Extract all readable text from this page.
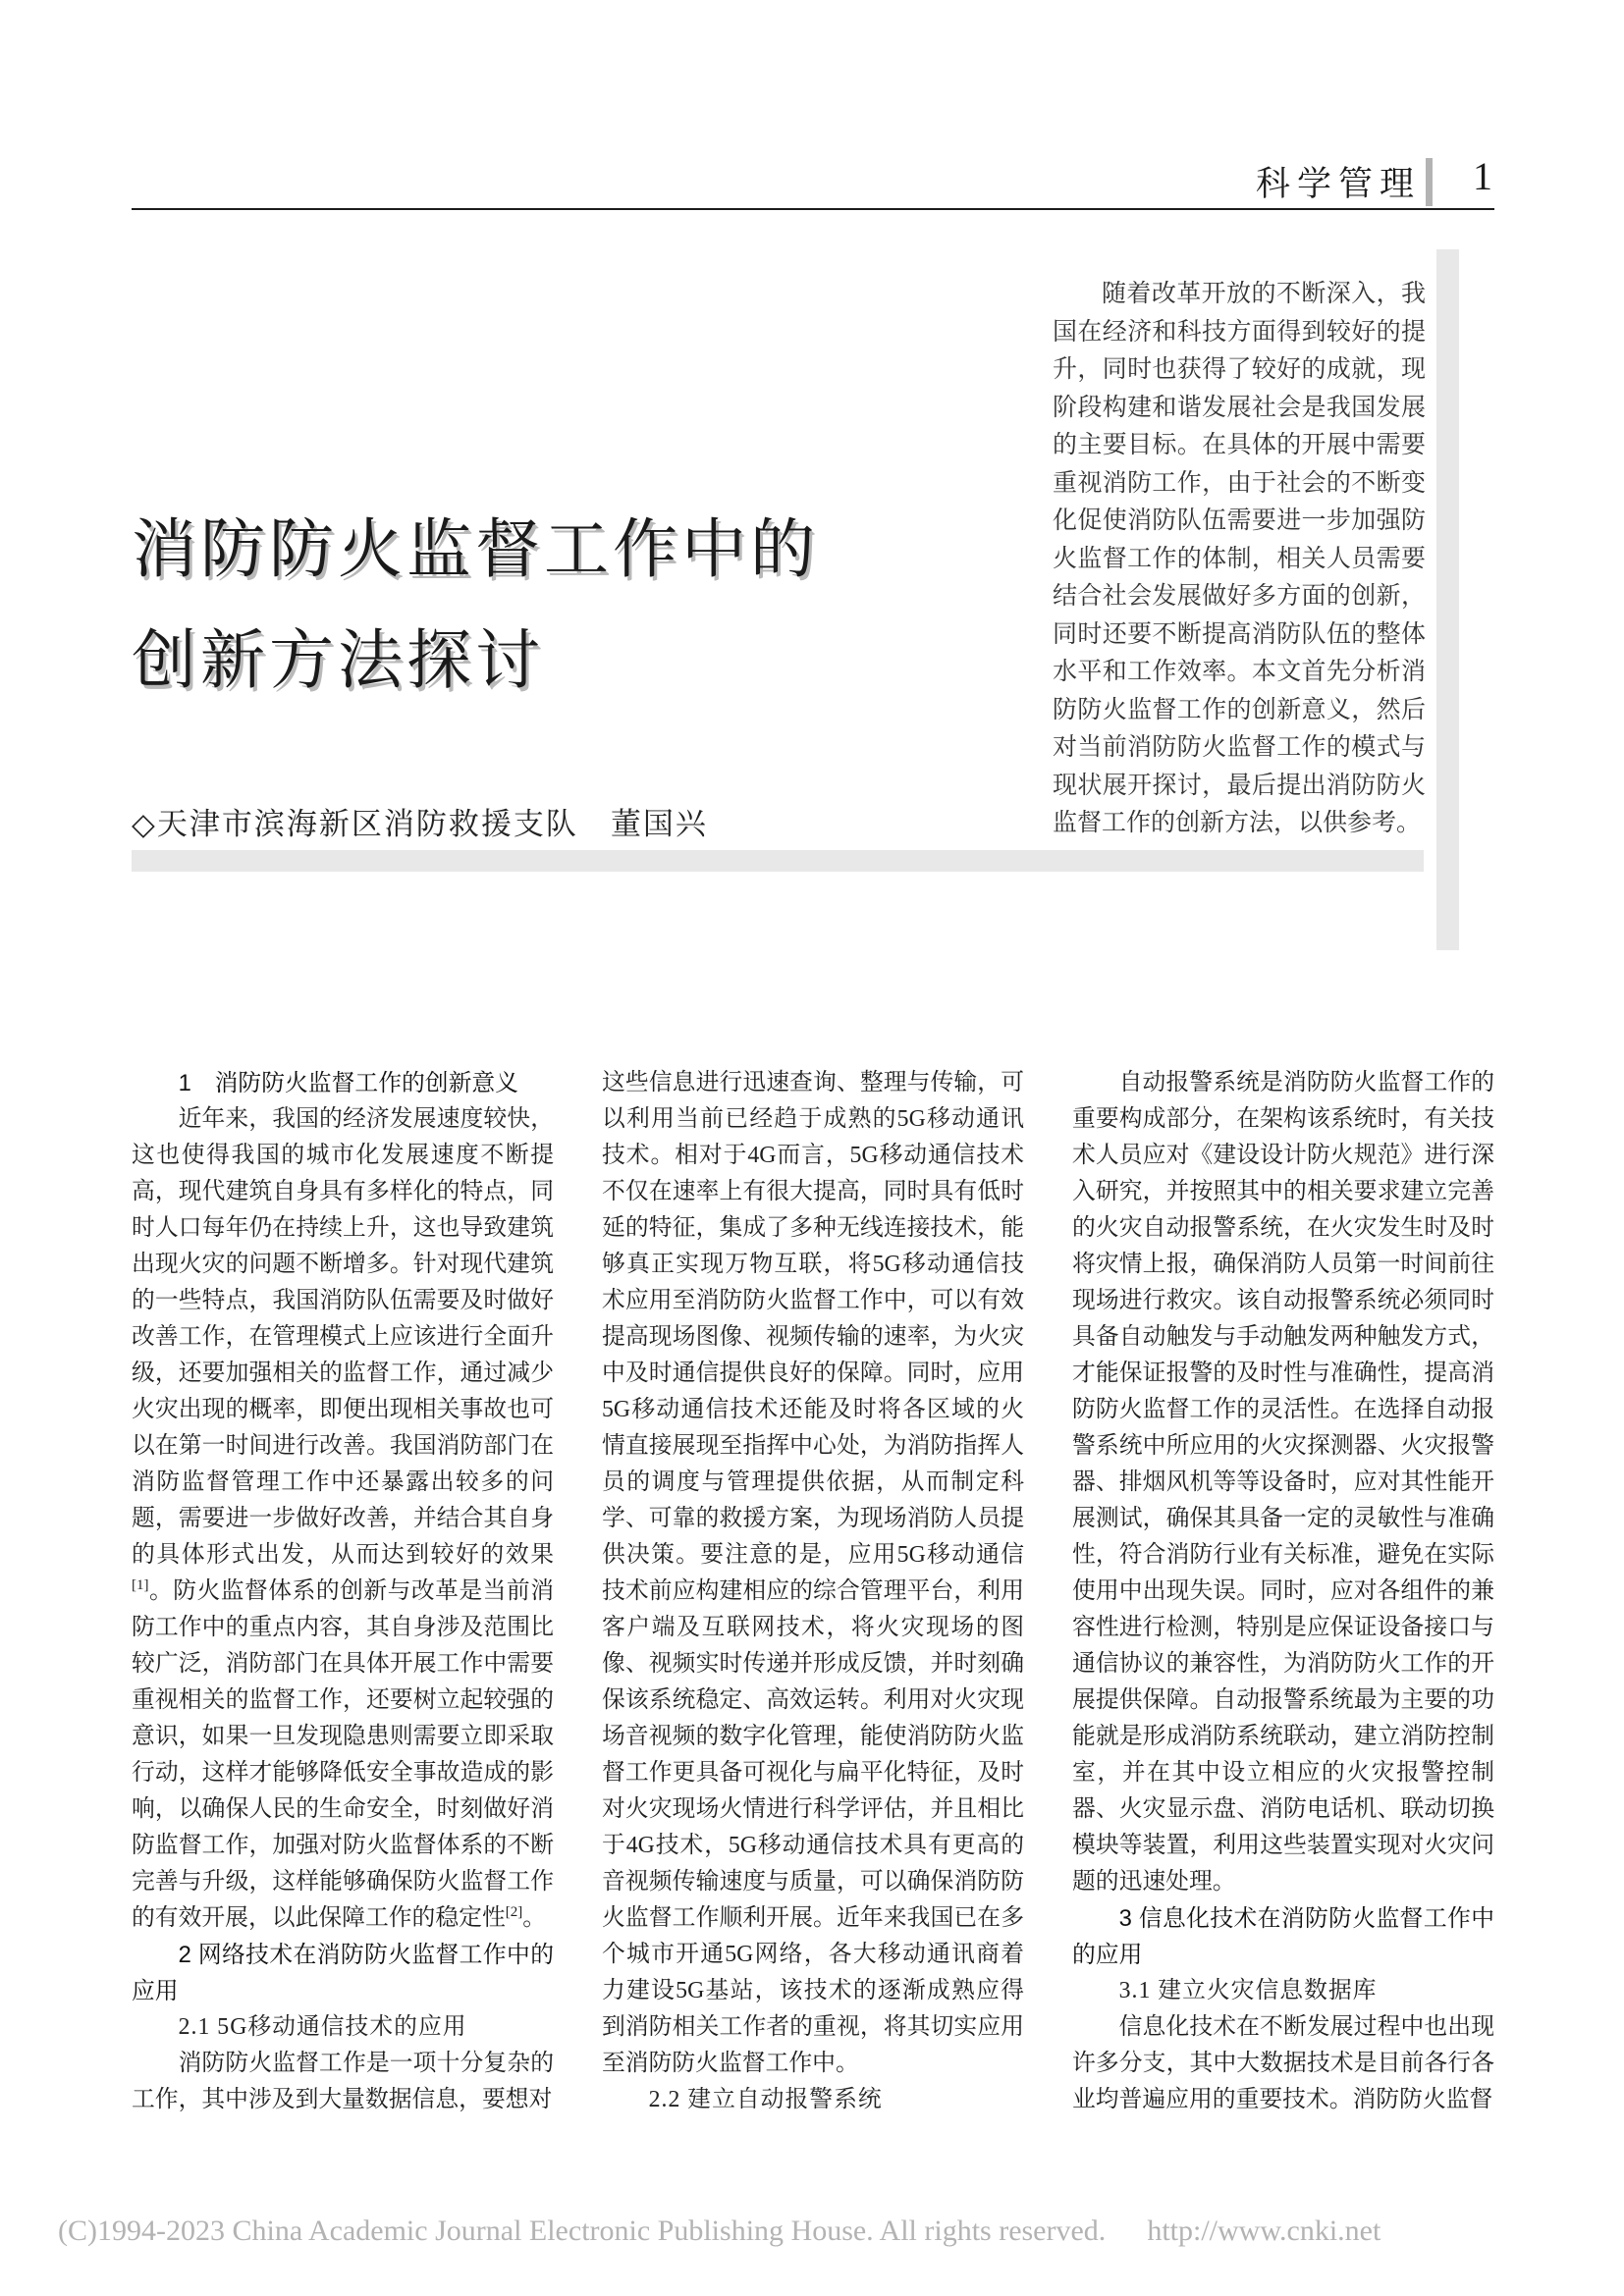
科学管理	1
消防防火监督工作中的
创新方法探讨
◇天津市滨海新区消防救援支队　董国兴
随着改革开放的不断深入，我国在经济和科技方面得到较好的提升，同时也获得了较好的成就，现阶段构建和谐发展社会是我国发展的主要目标。在具体的开展中需要重视消防工作，由于社会的不断变化促使消防队伍需要进一步加强防火监督工作的体制，相关人员需要结合社会发展做好多方面的创新，同时还要不断提高消防队伍的整体水平和工作效率。本文首先分析消防防火监督工作的创新意义，然后对当前消防防火监督工作的模式与现状展开探讨，最后提出消防防火监督工作的创新方法，以供参考。
1　消防防火监督工作的创新意义

近年来，我国的经济发展速度较快，这也使得我国的城市化发展速度不断提高，现代建筑自身具有多样化的特点，同时人口每年仍在持续上升，这也导致建筑出现火灾的问题不断增多。针对现代建筑的一些特点，我国消防队伍需要及时做好改善工作，在管理模式上应该进行全面升级，还要加强相关的监督工作，通过减少火灾出现的概率，即便出现相关事故也可以在第一时间进行改善。我国消防部门在消防监督管理工作中还暴露出较多的问题，需要进一步做好改善，并结合其自身的具体形式出发，从而达到较好的效果[1]。防火监督体系的创新与改革是当前消防工作中的重点内容，其自身涉及范围比较广泛，消防部门在具体开展工作中需要重视相关的监督工作，还要树立起较强的意识，如果一旦发现隐患则需要立即采取行动，这样才能够降低安全事故造成的影响，以确保人民的生命安全，时刻做好消防监督工作，加强对防火监督体系的不断完善与升级，这样能够确保防火监督工作的有效开展，以此保障工作的稳定性[2]。

2 网络技术在消防防火监督工作中的应用
2.1 5G移动通信技术的应用

消防防火监督工作是一项十分复杂的工作，其中涉及到大量数据信息，要想对

这些信息进行迅速查询、整理与传输，可以利用当前已经趋于成熟的5G移动通讯技术。相对于4G而言，5G移动通信技术不仅在速率上有很大提高，同时具有低时延的特征，集成了多种无线连接技术，能够真正实现万物互联，将5G移动通信技术应用至消防防火监督工作中，可以有效提高现场图像、视频传输的速率，为火灾中及时通信提供良好的保障。同时，应用5G移动通信技术还能及时将各区域的火情直接展现至指挥中心处，为消防指挥人员的调度与管理提供依据，从而制定科学、可靠的救援方案，为现场消防人员提供决策。要注意的是，应用5G移动通信技术前应构建相应的综合管理平台，利用客户端及互联网技术，将火灾现场的图像、视频实时传递并形成反馈，并时刻确保该系统稳定、高效运转。利用对火灾现场音视频的数字化管理，能使消防防火监督工作更具备可视化与扁平化特征，及时对火灾现场火情进行科学评估，并且相比于4G技术，5G移动通信技术具有更高的音视频传输速度与质量，可以确保消防防火监督工作顺利开展。近年来我国已在多个城市开通5G网络，各大移动通讯商着力建设5G基站，该技术的逐渐成熟应得到消防相关工作者的重视，将其切实应用至消防防火监督工作中。

2.2 建立自动报警系统

自动报警系统是消防防火监督工作的重要构成部分，在架构该系统时，有关技术人员应对《建设设计防火规范》进行深入研究，并按照其中的相关要求建立完善的火灾自动报警系统，在火灾发生时及时将灾情上报，确保消防人员第一时间前往现场进行救灾。该自动报警系统必须同时具备自动触发与手动触发两种触发方式，才能保证报警的及时性与准确性，提高消防防火监督工作的灵活性。在选择自动报警系统中所应用的火灾探测器、火灾报警器、排烟风机等等设备时，应对其性能开展测试，确保其具备一定的灵敏性与准确性，符合消防行业有关标准，避免在实际使用中出现失误。同时，应对各组件的兼容性进行检测，特别是应保证设备接口与通信协议的兼容性，为消防防火工作的开展提供保障。自动报警系统最为主要的功能就是形成消防系统联动，建立消防控制室，并在其中设立相应的火灾报警控制器、火灾显示盘、消防电话机、联动切换模块等装置，利用这些装置实现对火灾问题的迅速处理。

3 信息化技术在消防防火监督工作中的应用
3.1 建立火灾信息数据库

信息化技术在不断发展过程中也出现许多分支，其中大数据技术是目前各行各业均普遍应用的重要技术。消防防火监督

(C)1994-2023 China Academic Journal Electronic Publishing House. All rights reserved. http://www.cnki.net
